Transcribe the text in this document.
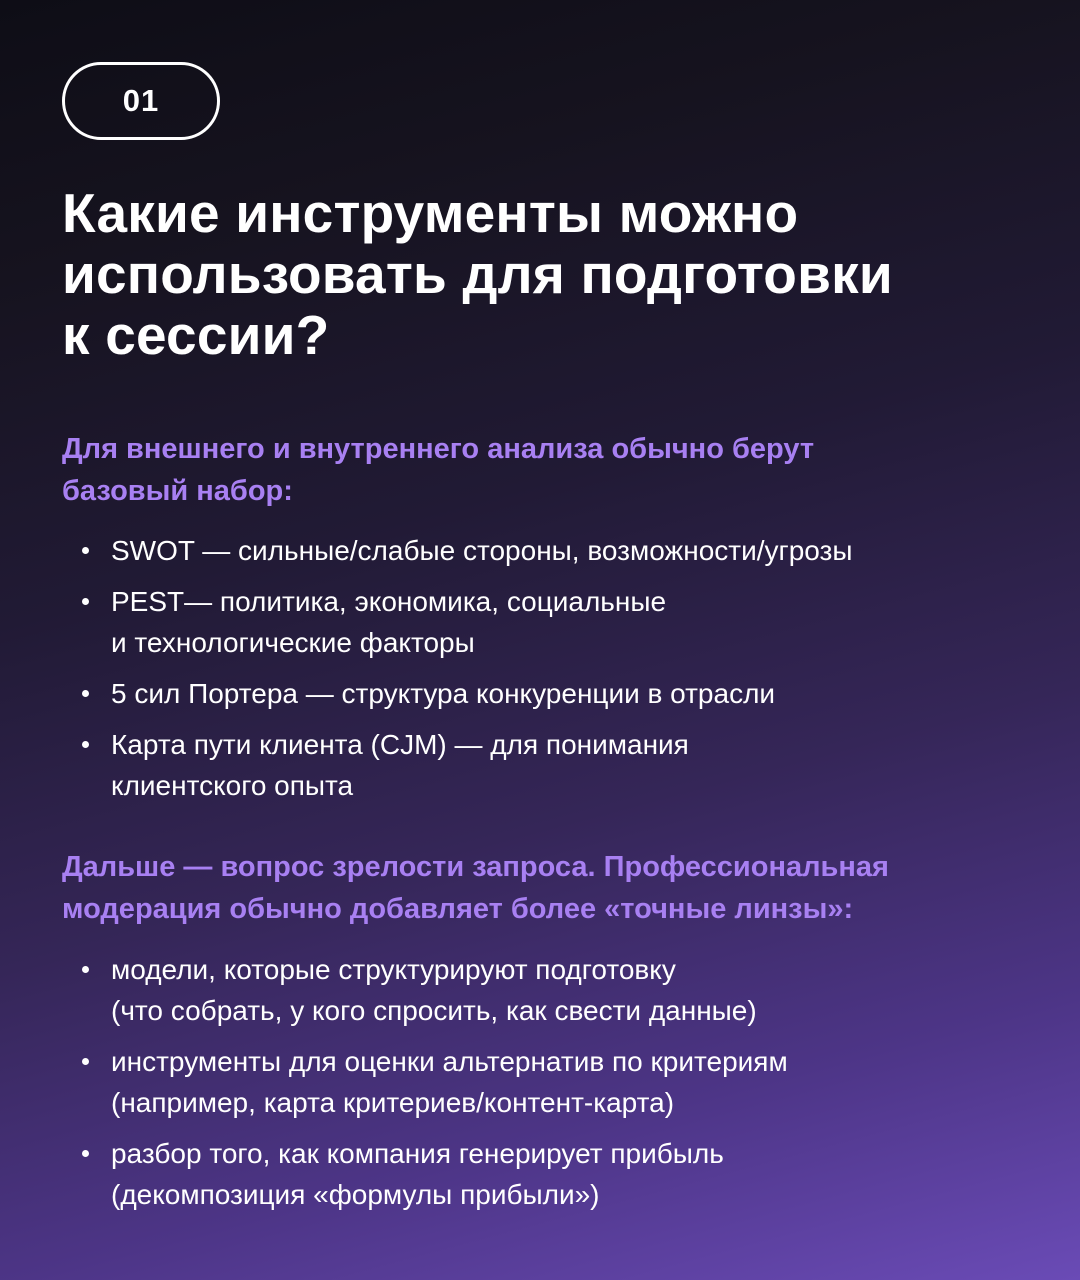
01
Какие инструменты можно
использовать для подготовки
к сессии?

Для внешнего и внутреннего анализа обычно берут
базовый набор:

SWOT — сильные/слабые стороны, возможности/угрозы
PEST— политика, экономика, социальные
и технологические факторы
5 сил Портера — структура конкуренции в отрасли
Карта пути клиента (CJM) — для понимания
клиентского опыта

Дальше — вопрос зрелости запроса. Профессиональная
модерация обычно добавляет более «точные линзы»:

модели, которые структурируют подготовку
(что собрать, у кого спросить, как свести данные)
инструменты для оценки альтернатив по критериям
(например, карта критериев/контент-карта)
разбор того, как компания генерирует прибыль
(декомпозиция «формулы прибыли»)
